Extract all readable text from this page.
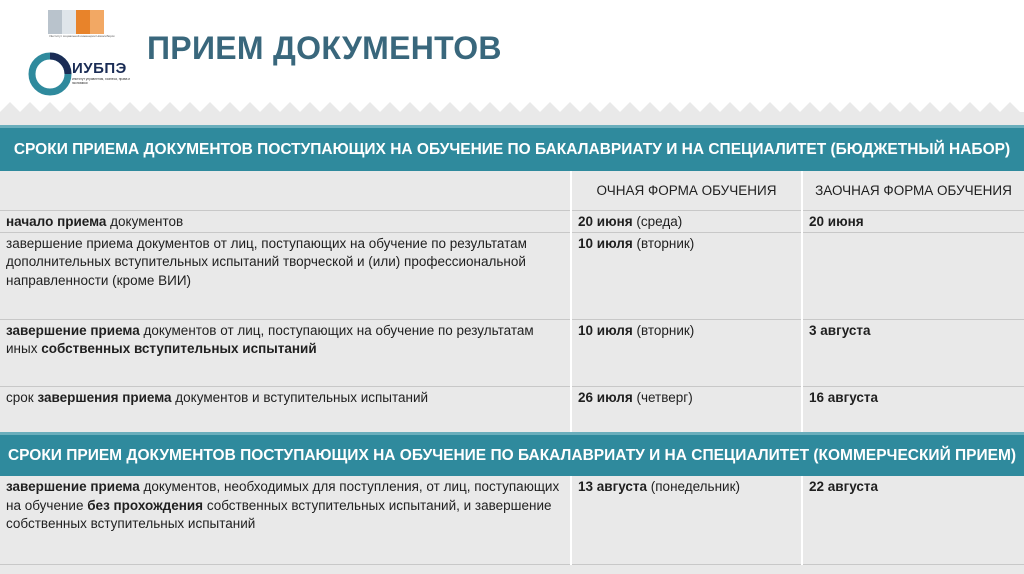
Институт социальной инженерии Новосибирск
ИУБПЭ
институт управления, бизнеса, права и экономики
ПРИЕМ ДОКУМЕНТОВ
СРОКИ ПРИЕМА ДОКУМЕНТОВ ПОСТУПАЮЩИХ НА ОБУЧЕНИЕ ПО БАКАЛАВРИАТУ И НА СПЕЦИАЛИТЕТ (БЮДЖЕТНЫЙ НАБОР)
	ОЧНАЯ ФОРМА ОБУЧЕНИЯ	ЗАОЧНАЯ ФОРМА ОБУЧЕНИЯ
начало приема документов	20 июня (среда)	20 июня
завершение приема документов от лиц, поступающих на обучение по результатам дополнительных вступительных испытаний творческой и (или) профессиональной направленности (кроме ВИИ)	10 июля (вторник)	
завершение приема документов от лиц, поступающих на обучение по результатам иных собственных вступительных испытаний	10 июля (вторник)	3 августа
срок завершения приема документов и вступительных испытаний	26 июля (четверг)	16 августа
СРОКИ ПРИЕМ ДОКУМЕНТОВ ПОСТУПАЮЩИХ НА ОБУЧЕНИЕ ПО БАКАЛАВРИАТУ И НА СПЕЦИАЛИТЕТ (КОММЕРЧЕСКИЙ ПРИЕМ)
завершение приема документов, необходимых для поступления, от лиц, поступающих на обучение без прохождения собственных вступительных испытаний, и завершение собственных вступительных испытаний	13 августа (понедельник)	22 августа
